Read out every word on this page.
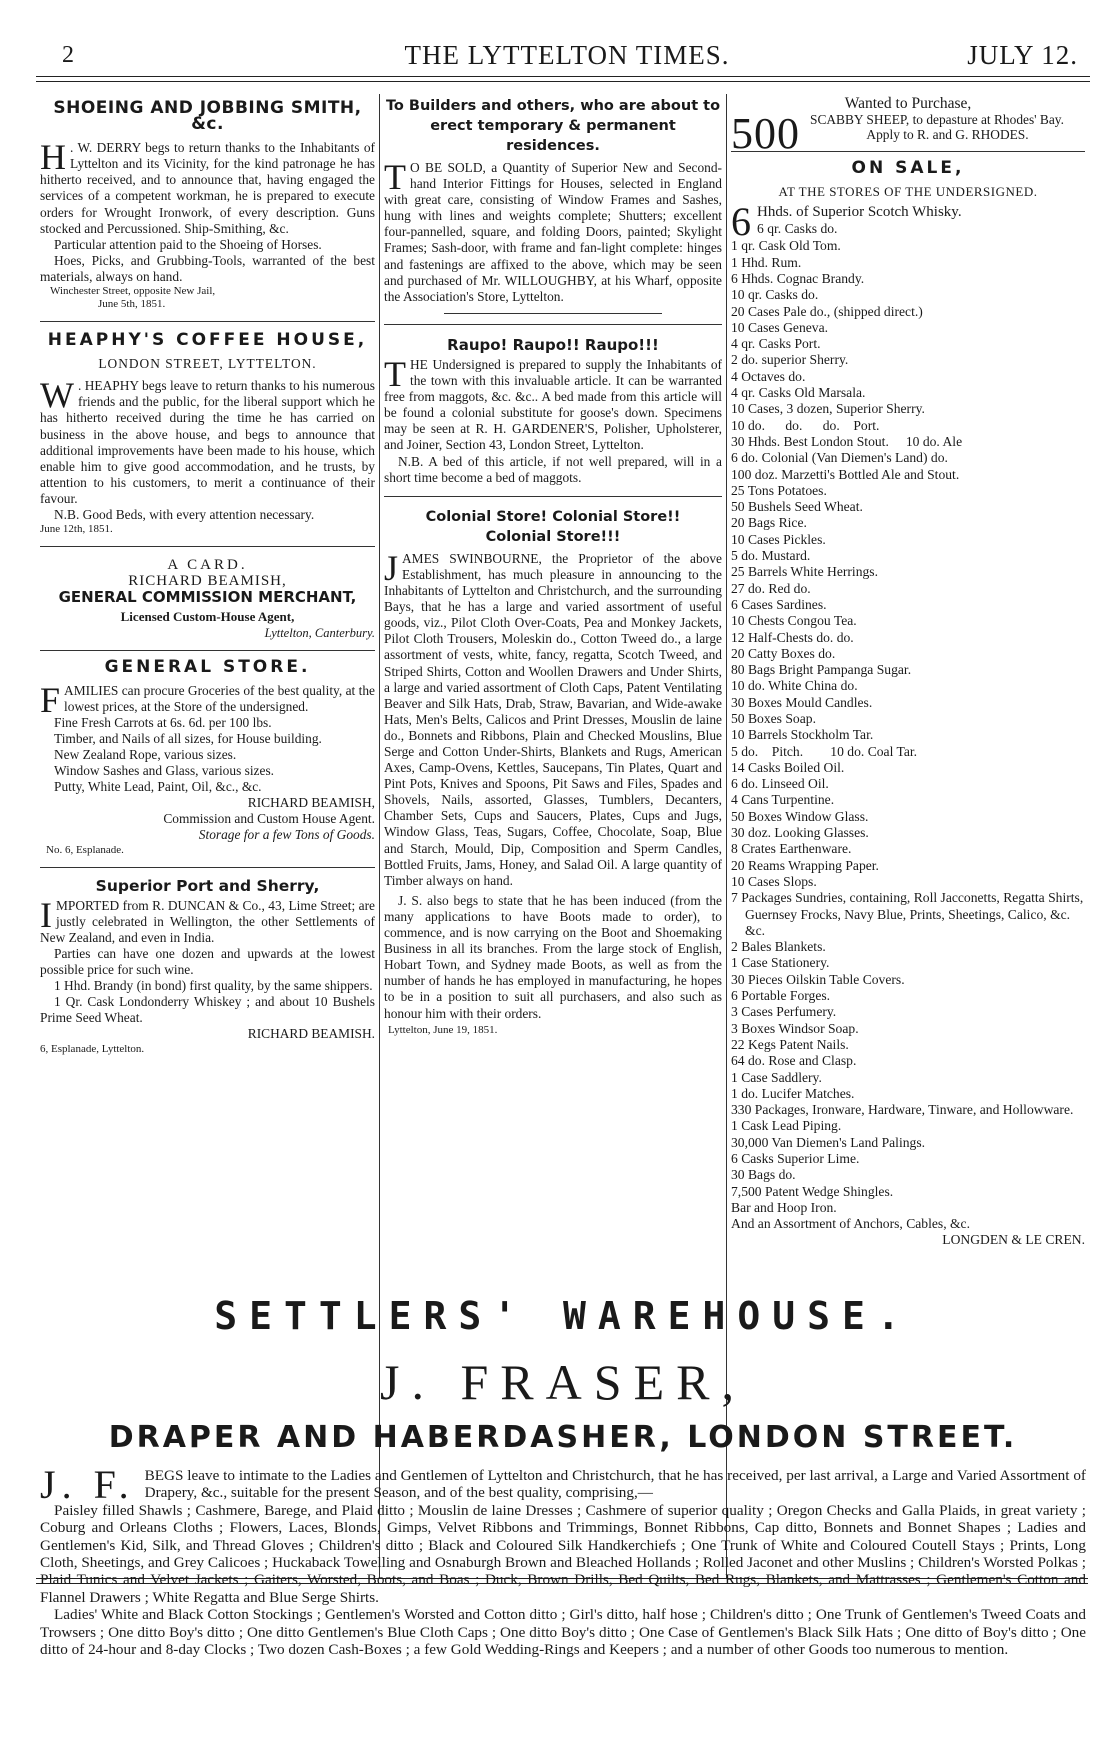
2	THE LYTTELTON TIMES.	JULY 12.
SHOEING AND JOBBING SMITH, &c.

H . W. DERRY begs to return thanks to the Inhabitants of Lyttelton and its Vicinity, for the kind patronage he has hitherto received, and to announce that, having engaged the services of a competent workman, he is prepared to execute orders for Wrought Ironwork, of every description. Guns stocked and Percussioned. Ship-Smithing, &c.

Particular attention paid to the Shoeing of Horses.

Hoes, Picks, and Grubbing-Tools, warranted of the best materials, always on hand.

Winchester Street, opposite New Jail,

June 5th, 1851.

HEAPHY'S COFFEE HOUSE,

LONDON STREET, LYTTELTON.

W . HEAPHY begs leave to return thanks to his numerous friends and the public, for the liberal support which he has hitherto received during the time he has carried on business in the above house, and begs to announce that additional improvements have been made to his house, which enable him to give good accommodation, and he trusts, by attention to his customers, to merit a continuance of their favour.

N.B. Good Beds, with every attention necessary.

June 12th, 1851.

A CARD.
RICHARD BEAMISH,
GENERAL COMMISSION MERCHANT,
Licensed Custom-House Agent,
Lyttelton, Canterbury.
GENERAL STORE.

FAMILIES can procure Groceries of the best quality, at the lowest prices, at the Store of the undersigned.

Fine Fresh Carrots at 6s. 6d. per 100 lbs.

Timber, and Nails of all sizes, for House building.

New Zealand Rope, various sizes.

Window Sashes and Glass, various sizes.

Putty, White Lead, Paint, Oil, &c., &c.

RICHARD BEAMISH,

Commission and Custom House Agent.

Storage for a few Tons of Goods.

No. 6, Esplanade.

Superior Port and Sherry,

IMPORTED from R. DUNCAN & Co., 43, Lime Street; are justly celebrated in Wellington, the other Settlements of New Zealand, and even in India.

Parties can have one dozen and upwards at the lowest possible price for such wine.

1 Hhd. Brandy (in bond) first quality, by the same shippers.

1 Qr. Cask Londonderry Whiskey ; and about 10 Bushels Prime Seed Wheat.

RICHARD BEAMISH.

6, Esplanade, Lyttelton.

To Builders and others, who are about to erect temporary & permanent residences.

T O BE SOLD, a Quantity of Superior New and Second-hand Interior Fittings for Houses, selected in England with great care, consisting of Window Frames and Sashes, hung with lines and weights complete; Shutters; excellent four-pannelled, square, and folding Doors, painted; Skylight Frames; Sash-door, with frame and fan-light complete: hinges and fastenings are affixed to the above, which may be seen and purchased of Mr. WILLOUGHBY, at his Wharf, opposite the Association's Store, Lyttelton.

Raupo! Raupo!! Raupo!!!

THE Undersigned is prepared to supply the Inhabitants of the town with this invaluable article. It can be warranted free from maggots, &c. &c.. A bed made from this article will be found a colonial substitute for goose's down. Specimens may be seen at R. H. GARDENER'S, Polisher, Upholsterer, and Joiner, Section 43, London Street, Lyttelton.

N.B. A bed of this article, if not well prepared, will in a short time become a bed of maggots.

Colonial Store! Colonial Store!!
Colonial Store!!!

JAMES SWINBOURNE, the Proprietor of the above Establishment, has much pleasure in announcing to the Inhabitants of Lyttelton and Christchurch, and the surrounding Bays, that he has a large and varied assortment of useful goods, viz., Pilot Cloth Over-Coats, Pea and Monkey Jackets, Pilot Cloth Trousers, Moleskin do., Cotton Tweed do., a large assortment of vests, white, fancy, regatta, Scotch Tweed, and Striped Shirts, Cotton and Woollen Drawers and Under Shirts, a large and varied assortment of Cloth Caps, Patent Ventilating Beaver and Silk Hats, Drab, Straw, Bavarian, and Wide-awake Hats, Men's Belts, Calicos and Print Dresses, Mouslin de laine do., Bonnets and Ribbons, Plain and Checked Mouslins, Blue Serge and Cotton Under-Shirts, Blankets and Rugs, American Axes, Camp-Ovens, Kettles, Saucepans, Tin Plates, Quart and Pint Pots, Knives and Spoons, Pit Saws and Files, Spades and Shovels, Nails, assorted, Glasses, Tumblers, Decanters, Chamber Sets, Cups and Saucers, Plates, Cups and Jugs, Window Glass, Teas, Sugars, Coffee, Chocolate, Soap, Blue and Starch, Mould, Dip, Composition and Sperm Candles, Bottled Fruits, Jams, Honey, and Salad Oil. A large quantity of Timber always on hand.

J. S. also begs to state that he has been induced (from the many applications to have Boots made to order), to commence, and is now carrying on the Boot and Shoemaking Business in all its branches. From the large stock of English, Hobart Town, and Sydney made Boots, as well as from the number of hands he has employed in manufacturing, he hopes to be in a position to suit all purchasers, and also such as honour him with their orders.

Lyttelton, June 19, 1851.

Wanted to Purchase,

500 SCABBY SHEEP, to depasture at Rhodes' Bay.

Apply to R. and G. RHODES.

ON SALE,

AT THE STORES OF THE UNDERSIGNED.

6 Hhds. of Superior Scotch Whisky.
6 qr. Casks do.

1 qr. Cask Old Tom.

1 Hhd. Rum.

6 Hhds. Cognac Brandy.

10 qr. Casks do.

20 Cases Pale do., (shipped direct.)

10 Cases Geneva.

4 qr. Casks Port.

2 do. superior Sherry.

4 Octaves do.

4 qr. Casks Old Marsala.

10 Cases, 3 dozen, Superior Sherry.

10 do.      do.      do.    Port.

30 Hhds. Best London Stout.     10 do. Ale

6 do. Colonial (Van Diemen's Land) do.

100 doz. Marzetti's Bottled Ale and Stout.

25 Tons Potatoes.

50 Bushels Seed Wheat.

20 Bags Rice.

10 Cases Pickles.

5 do. Mustard.

25 Barrels White Herrings.

27 do. Red do.

6 Cases Sardines.

10 Chests Congou Tea.

12 Half-Chests do. do.

20 Catty Boxes do.

80 Bags Bright Pampanga Sugar.

10 do. White China do.

30 Boxes Mould Candles.

50 Boxes Soap.

10 Barrels Stockholm Tar.

5 do.    Pitch.        10 do. Coal Tar.

14 Casks Boiled Oil.

6 do. Linseed Oil.

4 Cans Turpentine.

50 Boxes Window Glass.

30 doz. Looking Glasses.

8 Crates Earthenware.

20 Reams Wrapping Paper.

10 Cases Slops.

7 Packages Sundries, containing, Roll Jacconetts, Regatta Shirts, Guernsey Frocks, Navy Blue, Prints, Sheetings, Calico, &c. &c.

2 Bales Blankets.

1 Case Stationery.

30 Pieces Oilskin Table Covers.

6 Portable Forges.

3 Cases Perfumery.

3 Boxes Windsor Soap.

22 Kegs Patent Nails.

64 do. Rose and Clasp.

1 Case Saddlery.

1 do. Lucifer Matches.

330 Packages, Ironware, Hardware, Tinware, and Hollowware.

1 Cask Lead Piping.

30,000 Van Diemen's Land Palings.

6 Casks Superior Lime.

30 Bags do.

7,500 Patent Wedge Shingles.

Bar and Hoop Iron.

And an Assortment of Anchors, Cables, &c.

LONGDEN & LE CREN.

SETTLERS' WAREHOUSE.
J. FRASER,
DRAPER AND HABERDASHER, LONDON STREET.

J. F. BEGS leave to intimate to the Ladies and Gentlemen of Lyttelton and Christchurch, that he has received, per last arrival, a Large and Varied Assortment of Drapery, &c., suitable for the present Season, and of the best quality, comprising,—

Paisley filled Shawls ; Cashmere, Barege, and Plaid ditto ; Mouslin de laine Dresses ; Cashmere of superior quality ; Oregon Checks and Galla Plaids, in great variety ; Coburg and Orleans Cloths ; Flowers, Laces, Blonds, Gimps, Velvet Ribbons and Trimmings, Bonnet Ribbons, Cap ditto, Bonnets and Bonnet Shapes ; Ladies and Gentlemen's Kid, Silk, and Thread Gloves ; Children's ditto ; Black and Coloured Silk Handkerchiefs ; One Trunk of White and Coloured Coutell Stays ; Prints, Long Cloth, Sheetings, and Grey Calicoes ; Huckaback Towelling and Osnaburgh Brown and Bleached Hollands ; Rolled Jaconet and other Muslins ; Children's Worsted Polkas ; Plaid Tunics and Velvet Jackets ; Gaiters, Worsted, Boots, and Boas ; Duck, Brown Drills, Bed Quilts, Bed Rugs, Blankets, and Mattrasses ; Gentlemen's Cotton and Flannel Drawers ; White Regatta and Blue Serge Shirts.

Ladies' White and Black Cotton Stockings ; Gentlemen's Worsted and Cotton ditto ; Girl's ditto, half hose ; Children's ditto ; One Trunk of Gentlemen's Tweed Coats and Trowsers ; One ditto Boy's ditto ; One ditto Gentlemen's Blue Cloth Caps ; One ditto Boy's ditto ; One Case of Gentlemen's Black Silk Hats ; One ditto of Boy's ditto ; One ditto of 24-hour and 8-day Clocks ; Two dozen Cash-Boxes ; a few Gold Wedding-Rings and Keepers ; and a number of other Goods too numerous to mention.
